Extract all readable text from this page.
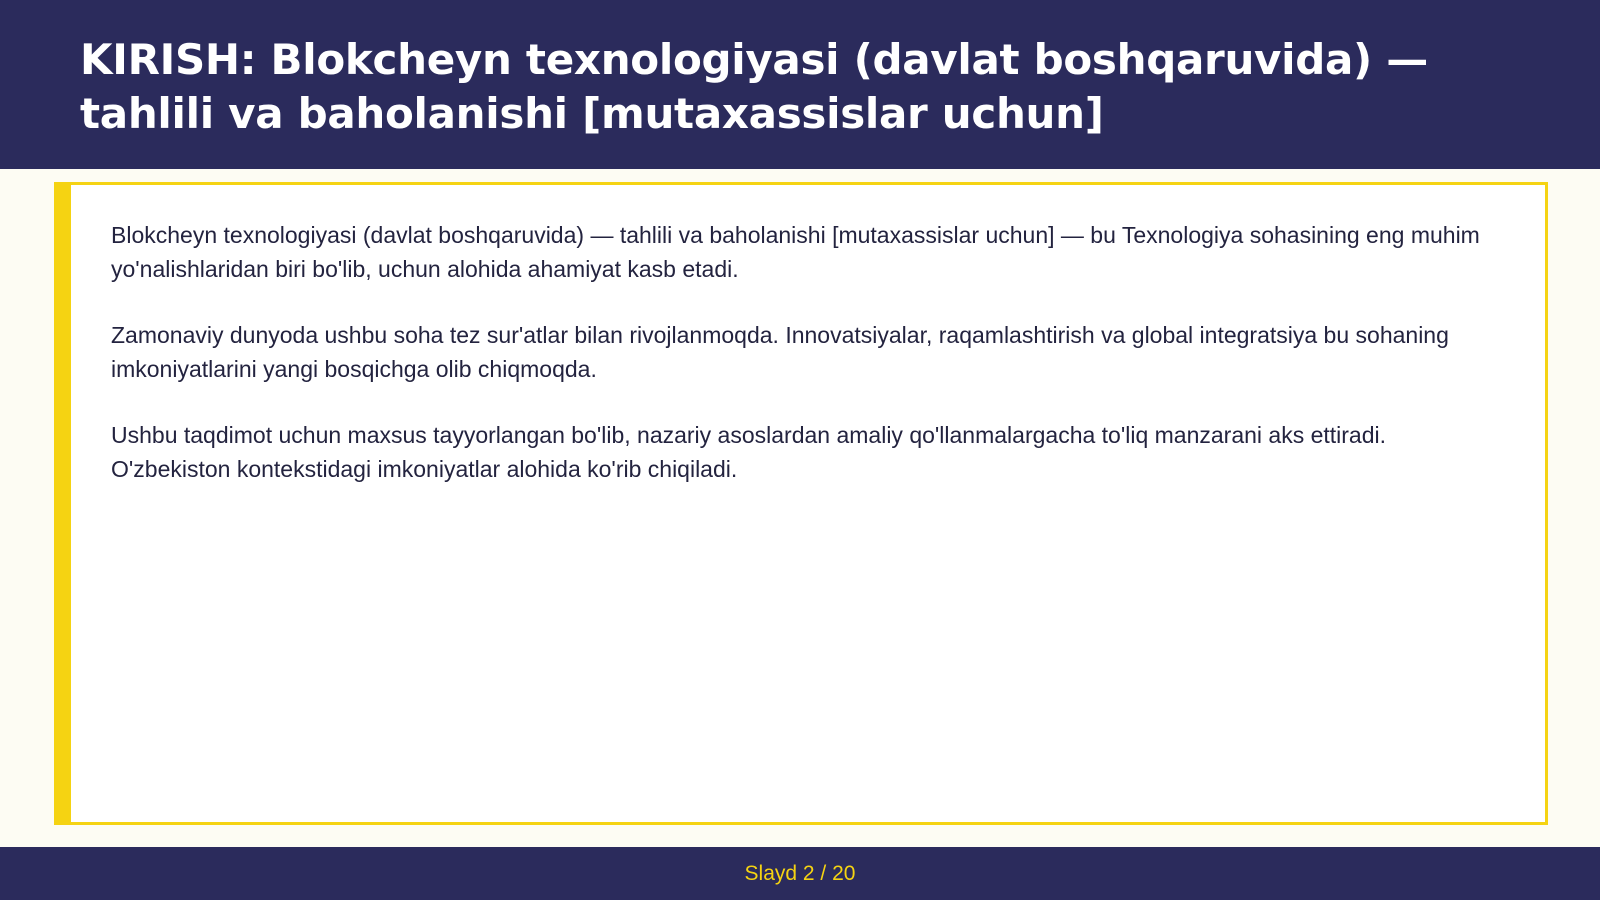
KIRISH: Blokcheyn texnologiyasi (davlat boshqaruvida) — tahlili va baholanishi [mutaxassislar uchun]

Blokcheyn texnologiyasi (davlat boshqaruvida) — tahlili va baholanishi [mutaxassislar uchun] — bu Texnologiya sohasining eng muhim yo'nalishlaridan biri bo'lib, uchun alohida ahamiyat kasb etadi.

Zamonaviy dunyoda ushbu soha tez sur'atlar bilan rivojlanmoqda. Innovatsiyalar, raqamlashtirish va global integratsiya bu sohaning imkoniyatlarini yangi bosqichga olib chiqmoqda.

Ushbu taqdimot uchun maxsus tayyorlangan bo'lib, nazariy asoslardan amaliy qo'llanmalargacha to'liq manzarani aks ettiradi. O'zbekiston kontekstidagi imkoniyatlar alohida ko'rib chiqiladi.

Slayd 2 / 20
